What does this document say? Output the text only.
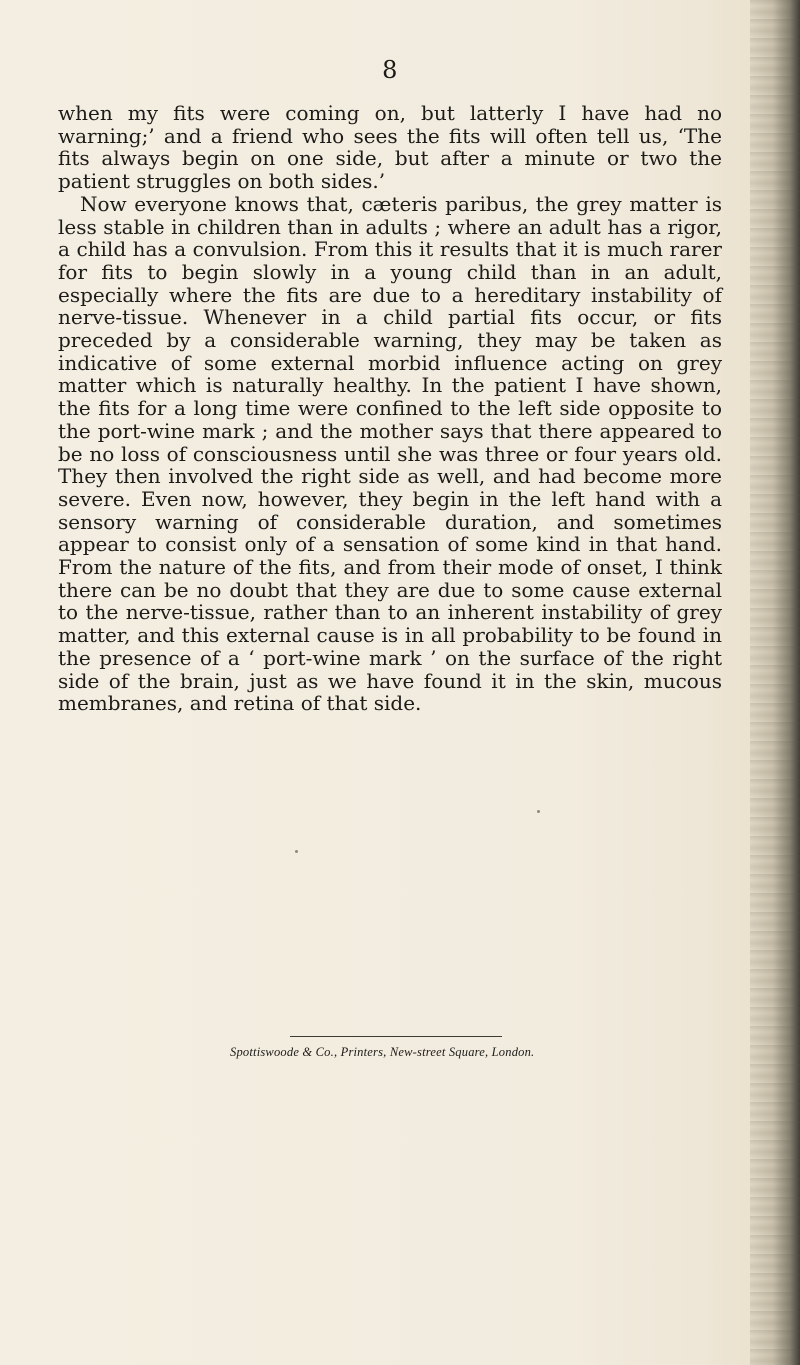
8

when my fits were coming on, but latterly I have had no warning;’ and a friend who sees the fits will often tell us, ‘The fits always begin on one side, but after a minute or two the patient struggles on both sides.’

Now everyone knows that, cæteris paribus, the grey matter is less stable in children than in adults ; where an adult has a rigor, a child has a convulsion. From this it results that it is much rarer for fits to begin slowly in a young child than in an adult, especially where the fits are due to a hereditary instability of nerve-tissue. Whenever in a child partial fits occur, or fits preceded by a considerable warning, they may be taken as indicative of some external morbid influence acting on grey matter which is naturally healthy. In the patient I have shown, the fits for a long time were confined to the left side opposite to the port-wine mark ; and the mother says that there appeared to be no loss of consciousness until she was three or four years old. They then involved the right side as well, and had become more severe. Even now, however, they begin in the left hand with a sensory warning of considerable duration, and sometimes appear to consist only of a sensation of some kind in that hand. From the nature of the fits, and from their mode of onset, I think there can be no doubt that they are due to some cause external to the nerve-tissue, rather than to an inherent instability of grey matter, and this external cause is in all probability to be found in the presence of a ‘ port-wine mark ’ on the surface of the right side of the brain, just as we have found it in the skin, mucous membranes, and retina of that side.

Spottiswoode & Co., Printers, New-street Square, London.
